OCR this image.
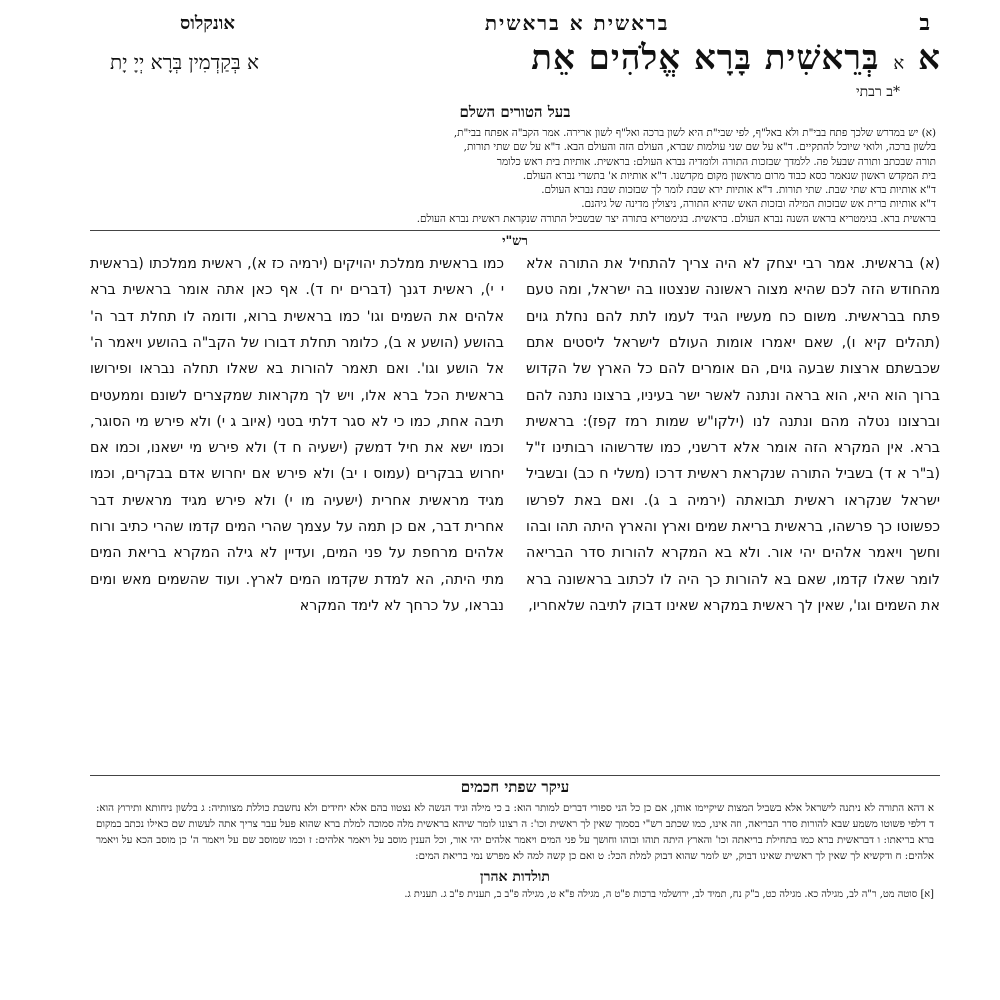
ב
בראשית א בראשית
אונקלוס
א
א
בְּרֵאשִׁית בָּרָא אֱלֹהִים אֵת
א בְּקַדְמִין בְּרָא יְיָ יָת
*ב רבתי
בעל הטורים השלם

(א) יש במדרש שלכך פתח בבי"ת ולא באל"ף, לפי שבי"ת היא לשון ברכה ואל"ף לשון ארירה. אמר הקב"ה אפתח בבי"ת,

בלשון ברכה, ולואי שיוכל להתקיים. ד"א על שם שני עולמות שברא, העולם הזה והעולם הבא. ד"א על שם שתי תורות,

תורה שבכתב ותורה שבעל פה. ללמדך שבזכות התורה ולומדיה נברא העולם: בראשית. אותיות בית ראש כלומר

בית המקדש ראשון שנאמר כסא כבוד מרום מראשון מקום מקדשנו. ד"א אותיות א' בתשרי נברא העולם.

ד"א אותיות ברא שתי שבת. שתי תורות. ד"א אותיות ירא שבת לומר לך שבזכות שבת נברא העולם.

ד"א אותיות ברית אש שבזכות המילה ובזכות האש שהיא התורה, ניצולין מדינה של גיהנם.

בראשית ברא. בגימטריא בראש השנה נברא העולם. בראשית. בגימטריא בתורה יצר שבשביל התורה שנקראת ראשית נברא העולם.

רש"י
(א) בראשית. אמר רבי יצחק לא היה צריך להתחיל את התורה אלא מהחודש הזה לכם שהיא מצוה ראשונה שנצטוו בה ישראל, ומה טעם פתח בבראשית. משום כח מעשיו הגיד לעמו לתת להם נחלת גוים (תהלים קיא ו), שאם יאמרו אומות העולם לישראל ליסטים אתם שכבשתם ארצות שבעה גוים, הם אומרים להם כל הארץ של הקדוש ברוך הוא היא, הוא בראה ונתנה לאשר ישר בעיניו, ברצונו נתנה להם וברצונו נטלה מהם ונתנה לנו (ילקו"ש שמות רמז קפז): בראשית ברא. אין המקרא הזה אומר אלא דרשני, כמו שדרשוהו רבותינו ז"ל (ב"ר א ד) בשביל התורה שנקראת ראשית דרכו (משלי ח כב) ובשביל ישראל שנקראו ראשית תבואתה (ירמיה ב ג). ואם באת לפרשו כפשוטו כך פרשהו, בראשית בריאת שמים וארץ והארץ היתה תהו ובהו וחשך ויאמר אלהים יהי אור. ולא בא המקרא להורות סדר הבריאה לומר שאלו קדמו, שאם בא להורות כך היה לו לכתוב בראשונה ברא את השמים וגו', שאין לך ראשית במקרא שאינו דבוק לתיבה שלאחריו,
כמו בראשית ממלכת יהויקים (ירמיה כז א), ראשית ממלכתו (בראשית י י), ראשית דגנך (דברים יח ד). אף כאן אתה אומר בראשית ברא אלהים את השמים וגו' כמו בראשית ברוא, ודומה לו תחלת דבר ה' בהושע (הושע א ב), כלומר תחלת דבורו של הקב"ה בהושע ויאמר ה' אל הושע וגו'. ואם תאמר להורות בא שאלו תחלה נבראו ופירושו בראשית הכל ברא אלו, ויש לך מקראות שמקצרים לשונם וממעטים תיבה אחת, כמו כי לא סגר דלתי בטני (איוב ג י) ולא פירש מי הסוגר, וכמו ישא את חיל דמשק (ישעיה ח ד) ולא פירש מי ישאנו, וכמו אם יחרוש בבקרים (עמוס ו יב) ולא פירש אם יחרוש אדם בבקרים, וכמו מגיד מראשית אחרית (ישעיה מו י) ולא פירש מגיד מראשית דבר אחרית דבר, אם כן תמה על עצמך שהרי המים קדמו שהרי כתיב ורוח אלהים מרחפת על פני המים, ועדיין לא גילה המקרא בריאת המים מתי היתה, הא למדת שקדמו המים לארץ. ועוד שהשמים מאש ומים נבראו, על כרחך לא לימד המקרא
עיקר שפתי חכמים
א דהא התורה לא ניתנה לישראל אלא בשביל המצות שיקיימו אותן, אם כן כל הני ספורי דברים למותר הוא: ב כי מילה וגיד הנשה לא נצטוו בהם אלא יחידים ולא נחשבת כוללת מצוותיה: ג בלשון ניחותא ותירוץ הוא: ד דלפי פשוטו משמע שבא להורות סדר הבריאה, וזה אינו, כמו שכתב רש"י בסמוך שאין לך ראשית וכו': ה רצונו לומר שיהא בראשית מלה סמוכה למלת ברא שהוא פעל עבר צריך אתה לעשות שם כאילו נכתב במקום ברא בריאתו: ו דבראשית ברא כמו בתחילת בריאתה וכו' והארץ היתה תוהו ובוהו וחושך על פני המים ויאמר אלהים יהי אור, וכל הענין מוסב על ויאמר אלהים: ז וכמו שמוסב שם על ויאמר ה' כן מוסב הכא על ויאמר אלהים: ח ודקשיא לך שאין לך ראשית שאינו דבוק, יש לומר שהוא דבוק למלת הכל: ט ואם כן קשה למה לא מפרש נמי בריאת המים:
תולדות אהרן
[א] סוטה מט, ר"ה לב, מגילה כא. מגילה כט, ב"ק נח, תמיד לב, ירושלמי ברכות פ"ט ה, מגילה פ"א ט, מגילה פ"ב ב, תענית פ"ב ג. תענית ג.
